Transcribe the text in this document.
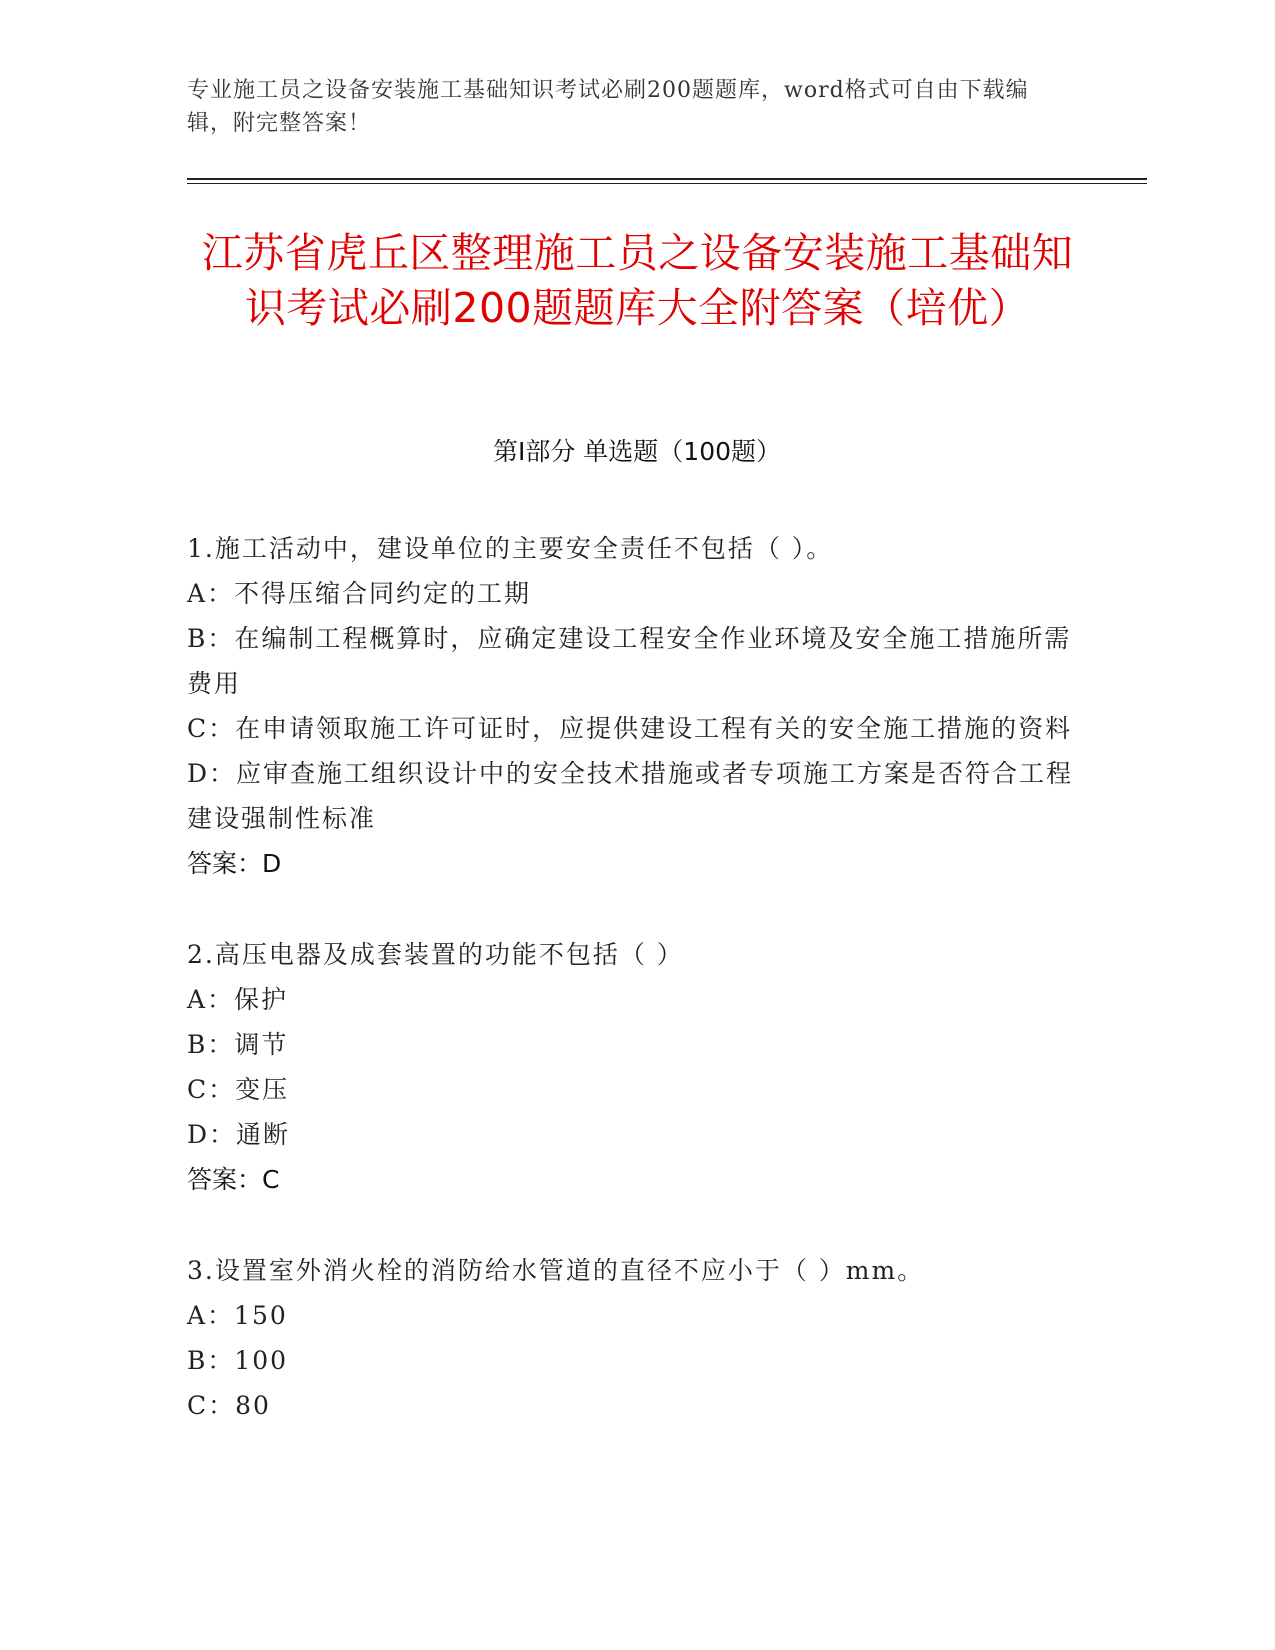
专业施工员之设备安装施工基础知识考试必刷200题题库，word格式可自由下载编辑，附完整答案！
江苏省虎丘区整理施工员之设备安装施工基础知识考试必刷200题题库大全附答案（培优）
第Ⅰ部分 单选题（100题）

1.施工活动中，建设单位的主要安全责任不包括（ ）。

A：不得压缩合同约定的工期

B：在编制工程概算时，应确定建设工程安全作业环境及安全施工措施所需费用

C：在申请领取施工许可证时，应提供建设工程有关的安全施工措施的资料

D：应审查施工组织设计中的安全技术措施或者专项施工方案是否符合工程建设强制性标准

答案：D

2.高压电器及成套装置的功能不包括（ ）

A：保护

B：调节

C：变压

D：通断

答案：C

3.设置室外消火栓的消防给水管道的直径不应小于（ ）mm。

A：150

B：100

C：80
